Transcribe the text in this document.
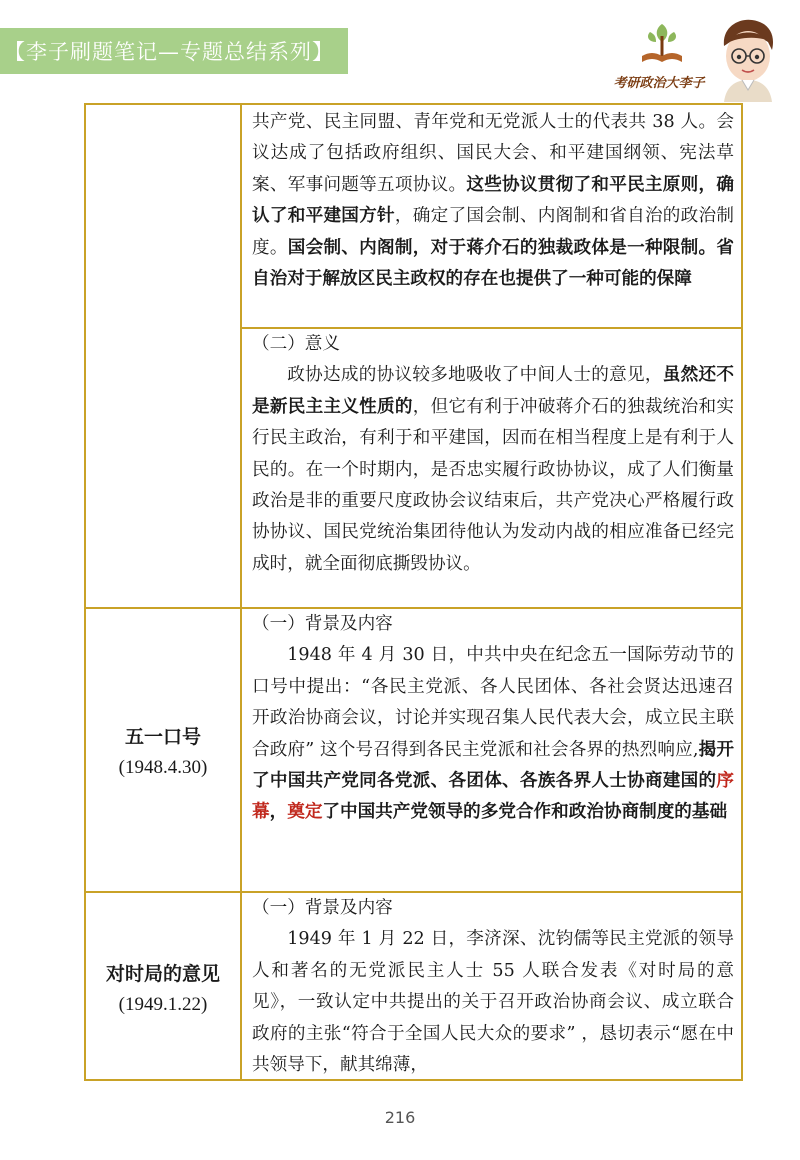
【李子刷题笔记—专题总结系列】
考研政治大李子
五一口号
(1948.4.30)
对时局的意见
(1949.1.22)

共产党、民主同盟、青年党和无党派人士的代表共 38 人。会议达成了包括政府组织、国民大会、和平建国纲领、宪法草案、军事问题等五项协议。这些协议贯彻了和平民主原则，确认了和平建国方针，确定了国会制、内阁制和省自治的政治制度。国会制、内阁制，对于蒋介石的独裁政体是一种限制。省自治对于解放区民主政权的存在也提供了一种可能的保障

（二）意义

政协达成的协议较多地吸收了中间人士的意见，虽然还不是新民主主义性质的，但它有利于冲破蒋介石的独裁统治和实行民主政治，有利于和平建国，因而在相当程度上是有利于人民的。在一个时期内，是否忠实履行政协协议，成了人们衡量政治是非的重要尺度政协会议结束后，共产党决心严格履行政协协议、国民党统治集团待他认为发动内战的相应准备已经完成时，就全面彻底撕毁协议。

（一）背景及内容

1948 年 4 月 30 日，中共中央在纪念五一国际劳动节的口号中提出：“各民主党派、各人民团体、各社会贤达迅速召开政治协商会议，讨论并实现召集人民代表大会，成立民主联合政府” 这个号召得到各民主党派和社会各界的热烈响应,揭开了中国共产党同各党派、各团体、各族各界人士协商建国的序幕，奠定了中国共产党领导的多党合作和政治协商制度的基础

（一）背景及内容

1949 年 1 月 22 日，李济深、沈钧儒等民主党派的领导人和著名的无党派民主人士 55 人联合发表《对时局的意见》，一致认定中共提出的关于召开政治协商会议、成立联合政府的主张“符合于全国人民大众的要求” ，恳切表示“愿在中共领导下，献其绵薄，

216
